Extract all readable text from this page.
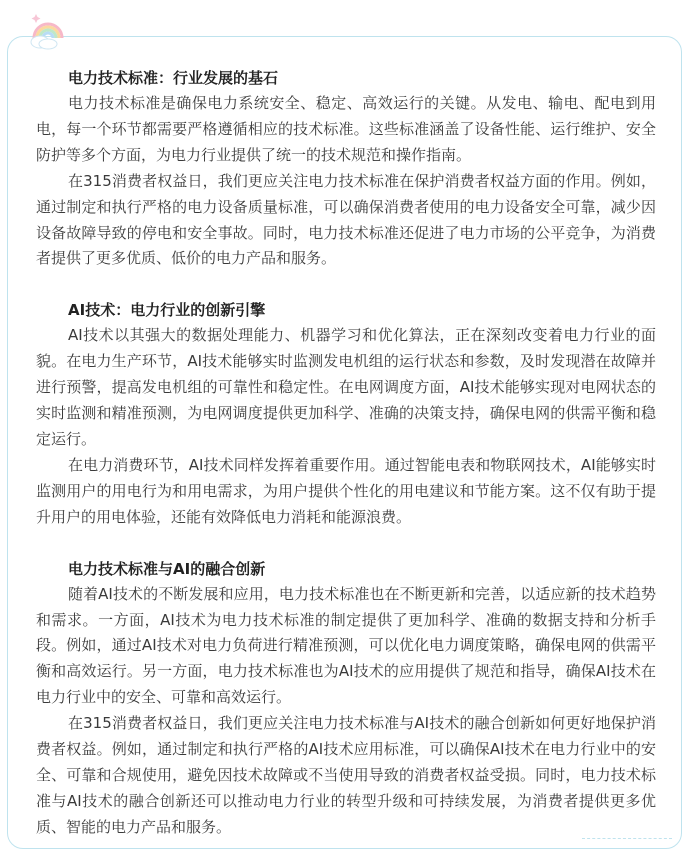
电力技术标准：行业发展的基石

电力技术标准是确保电力系统安全、稳定、高效运行的关键。从发电、输电、配电到用电，每一个环节都需要严格遵循相应的技术标准。这些标准涵盖了设备性能、运行维护、安全防护等多个方面，为电力行业提供了统一的技术规范和操作指南。

在315消费者权益日，我们更应关注电力技术标准在保护消费者权益方面的作用。例如，通过制定和执行严格的电力设备质量标准，可以确保消费者使用的电力设备安全可靠，减少因设备故障导致的停电和安全事故。同时，电力技术标准还促进了电力市场的公平竞争，为消费者提供了更多优质、低价的电力产品和服务。

AI技术：电力行业的创新引擎

AI技术以其强大的数据处理能力、机器学习和优化算法，正在深刻改变着电力行业的面貌。在电力生产环节，AI技术能够实时监测发电机组的运行状态和参数，及时发现潜在故障并进行预警，提高发电机组的可靠性和稳定性。在电网调度方面，AI技术能够实现对电网状态的实时监测和精准预测，为电网调度提供更加科学、准确的决策支持，确保电网的供需平衡和稳定运行。

在电力消费环节，AI技术同样发挥着重要作用。通过智能电表和物联网技术，AI能够实时监测用户的用电行为和用电需求，为用户提供个性化的用电建议和节能方案。这不仅有助于提升用户的用电体验，还能有效降低电力消耗和能源浪费。

电力技术标准与AI的融合创新

随着AI技术的不断发展和应用，电力技术标准也在不断更新和完善，以适应新的技术趋势和需求。一方面，AI技术为电力技术标准的制定提供了更加科学、准确的数据支持和分析手段。例如，通过AI技术对电力负荷进行精准预测，可以优化电力调度策略，确保电网的供需平衡和高效运行。另一方面，电力技术标准也为AI技术的应用提供了规范和指导，确保AI技术在电力行业中的安全、可靠和高效运行。

在315消费者权益日，我们更应关注电力技术标准与AI技术的融合创新如何更好地保护消费者权益。例如，通过制定和执行严格的AI技术应用标准，可以确保AI技术在电力行业中的安全、可靠和合规使用，避免因技术故障或不当使用导致的消费者权益受损。同时，电力技术标准与AI技术的融合创新还可以推动电力行业的转型升级和可持续发展，为消费者提供更多优质、智能的电力产品和服务。
